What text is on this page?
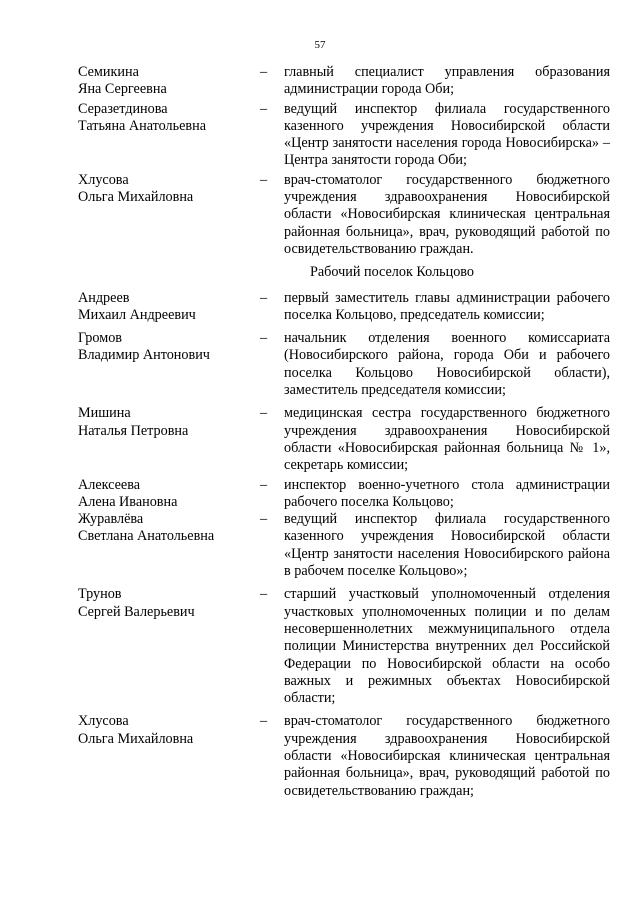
57
Семикина
Яна Сергеевна
–	главный специалист управления образования администрации города Оби;
Серазетдинова
Татьяна Анатольевна
–	ведущий инспектор филиала государственного казенного учреждения Новосибирской области «Центр занятости населения города Новосибирска» – Центра занятости города Оби;
Хлусова
Ольга Михайловна
–	врач-стоматолог государственного бюджетного учреждения здравоохранения Новосибирской области «Новосибирская клиническая центральная районная больница», врач, руководящий работой по освидетельствованию граждан.
Рабочий поселок Кольцово
Андреев
Михаил Андреевич
–	первый заместитель главы администрации рабочего поселка Кольцово, председатель комиссии;
Громов
Владимир Антонович
–	начальник отделения военного комиссариата (Новосибирского района, города Оби и рабочего поселка Кольцово Новосибирской области), заместитель председателя комиссии;
Мишина
Наталья Петровна
–	медицинская сестра государственного бюджетного учреждения здравоохранения Новосибирской области «Новосибирская районная больница № 1», секретарь комиссии;
Алексеева
Алена Ивановна
–	инспектор военно-учетного стола администрации рабочего поселка Кольцово;
Журавлёва
Светлана Анатольевна
–	ведущий инспектор филиала государственного казенного учреждения Новосибирской области «Центр занятости населения Новосибирского района в рабочем поселке Кольцово»;
Трунов
Сергей Валерьевич
–	старший участковый уполномоченный отделения участковых уполномоченных полиции и по делам несовершеннолетних межмуниципального отдела полиции Министерства внутренних дел Российской Федерации по Новосибирской области на особо важных и режимных объектах Новосибирской области;
Хлусова
Ольга Михайловна
–	врач-стоматолог государственного бюджетного учреждения здравоохранения Новосибирской области «Новосибирская клиническая центральная районная больница», врач, руководящий работой по освидетельствованию граждан;
